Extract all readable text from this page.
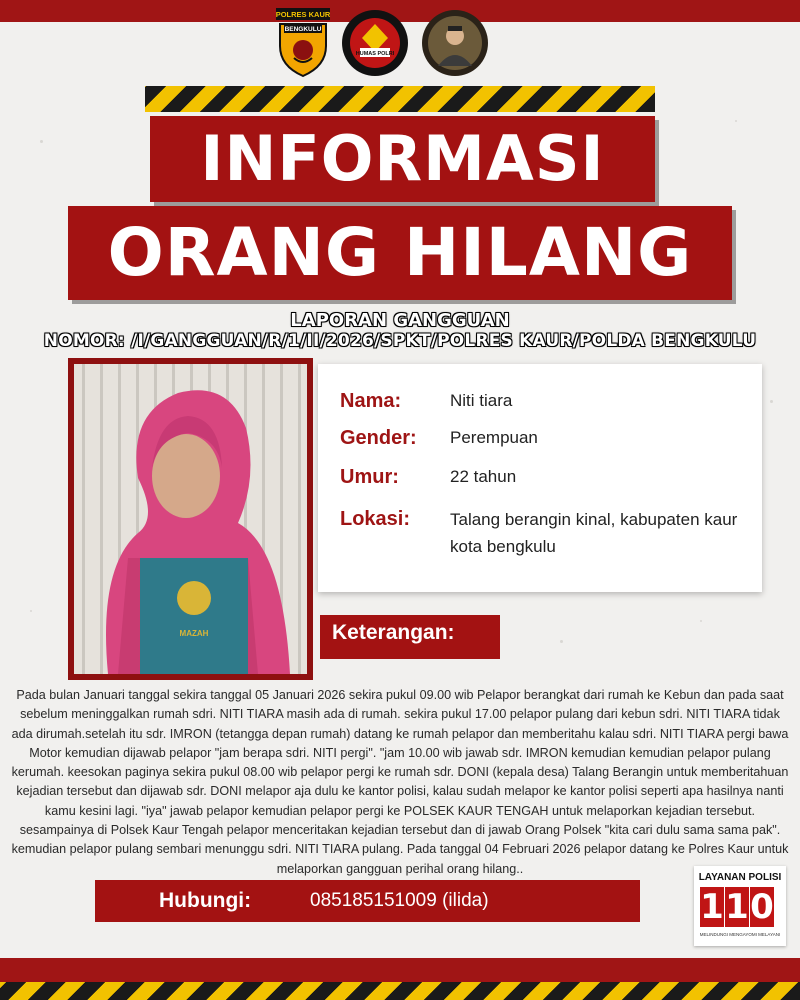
POLRES KAUR
BENGKULU
HUMAS POLRI
INFORMASI
ORANG HILANG
LAPORAN GANGGUAN
NOMOR: /I/GANGGUAN/R/1/II/2026/SPKT/POLRES KAUR/POLDA BENGKULU
MAZAH
Nama:	Niti tiara
Gender:	Perempuan
Umur:	22 tahun
Lokasi:	Talang berangin kinal, kabupaten kaur kota bengkulu
Keterangan:
Pada bulan Januari tanggal sekira tanggal 05 Januari 2026 sekira pukul 09.00 wib Pelapor berangkat dari rumah ke Kebun dan pada saat sebelum meninggalkan rumah sdri. NITI TIARA masih ada di rumah. sekira pukul 17.00 pelapor pulang dari kebun sdri. NITI TIARA tidak ada dirumah.setelah itu sdr. IMRON (tetangga depan rumah) datang ke rumah pelapor dan memberitahu kalau sdri. NITI TIARA pergi bawa Motor kemudian dijawab pelapor "jam berapa sdri. NITI pergi". "jam 10.00 wib jawab sdr. IMRON kemudian kemudian pelapor pulang kerumah. keesokan paginya sekira pukul 08.00 wib pelapor pergi ke rumah sdr. DONI (kepala desa) Talang Berangin untuk memberitahuan kejadian tersebut dan dijawab sdr. DONI melapor aja dulu ke kantor polisi, kalau sudah melapor ke kantor polisi seperti apa hasilnya nanti kamu kesini lagi. "iya" jawab pelapor kemudian pelapor pergi ke POLSEK KAUR TENGAH untuk melaporkan kejadian tersebut. sesampainya di Polsek Kaur Tengah pelapor menceritakan kejadian tersebut dan di jawab Orang Polsek "kita cari dulu sama sama pak". kemudian pelapor pulang sembari menunggu sdri. NITI TIARA pulang. Pada tanggal 04 Februari 2026 pelapor datang ke Polres Kaur untuk melaporkan gangguan perihal orang hilang..
Hubungi:	085185151009 (ilida)
LAYANAN POLISI
110
MELINDUNGI MENGAYOMI MELAYANI
